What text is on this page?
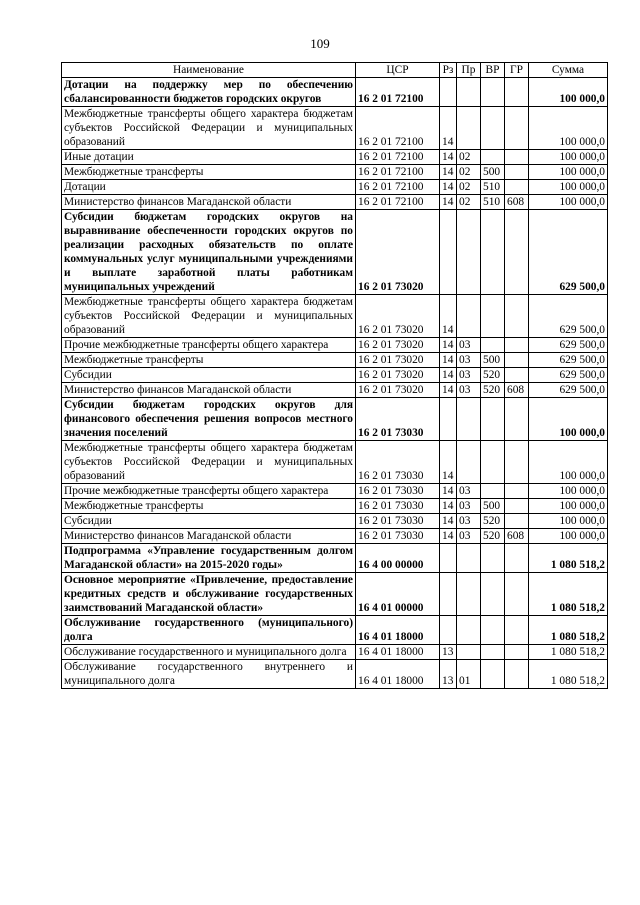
109
Наименование	ЦСР	Рз	Пр	ВР	ГР	Сумма
Дотации на поддержку мер по обеспечению сбалансированности бюджетов городских округов	16 2 01 72100					100 000,0
Межбюджетные трансферты общего характера бюджетам субъектов Российской Федерации и муниципальных образований	16 2 01 72100	14				100 000,0
Иные дотации	16 2 01 72100	14	02			100 000,0
Межбюджетные трансферты	16 2 01 72100	14	02	500		100 000,0
Дотации	16 2 01 72100	14	02	510		100 000,0
Министерство финансов Магаданской области	16 2 01 72100	14	02	510	608	100 000,0
Субсидии бюджетам городских округов на выравнивание обеспеченности городских округов по реализации расходных обязательств по оплате коммунальных услуг муниципальными учреждениями и выплате заработной платы работникам муниципальных учреждений	16 2 01 73020					629 500,0
Межбюджетные трансферты общего характера бюджетам субъектов Российской Федерации и муниципальных образований	16 2 01 73020	14				629 500,0
Прочие межбюджетные трансферты общего характера	16 2 01 73020	14	03			629 500,0
Межбюджетные трансферты	16 2 01 73020	14	03	500		629 500,0
Субсидии	16 2 01 73020	14	03	520		629 500,0
Министерство финансов Магаданской области	16 2 01 73020	14	03	520	608	629 500,0
Субсидии бюджетам городских округов для финансового обеспечения решения вопросов местного значения поселений	16 2 01 73030					100 000,0
Межбюджетные трансферты общего характера бюджетам субъектов Российской Федерации и муниципальных образований	16 2 01 73030	14				100 000,0
Прочие межбюджетные трансферты общего характера	16 2 01 73030	14	03			100 000,0
Межбюджетные трансферты	16 2 01 73030	14	03	500		100 000,0
Субсидии	16 2 01 73030	14	03	520		100 000,0
Министерство финансов Магаданской области	16 2 01 73030	14	03	520	608	100 000,0
Подпрограмма «Управление государственным долгом Магаданской области» на 2015-2020 годы»	16 4 00 00000					1 080 518,2
Основное мероприятие «Привлечение, предоставление кредитных средств и обслуживание государственных заимствований Магаданской области»	16 4 01 00000					1 080 518,2
Обслуживание государственного (муниципального) долга	16 4 01 18000					1 080 518,2
Обслуживание государственного и муниципального долга	16 4 01 18000	13				1 080 518,2
Обслуживание государственного внутреннего и муниципального долга	16 4 01 18000	13	01			1 080 518,2
